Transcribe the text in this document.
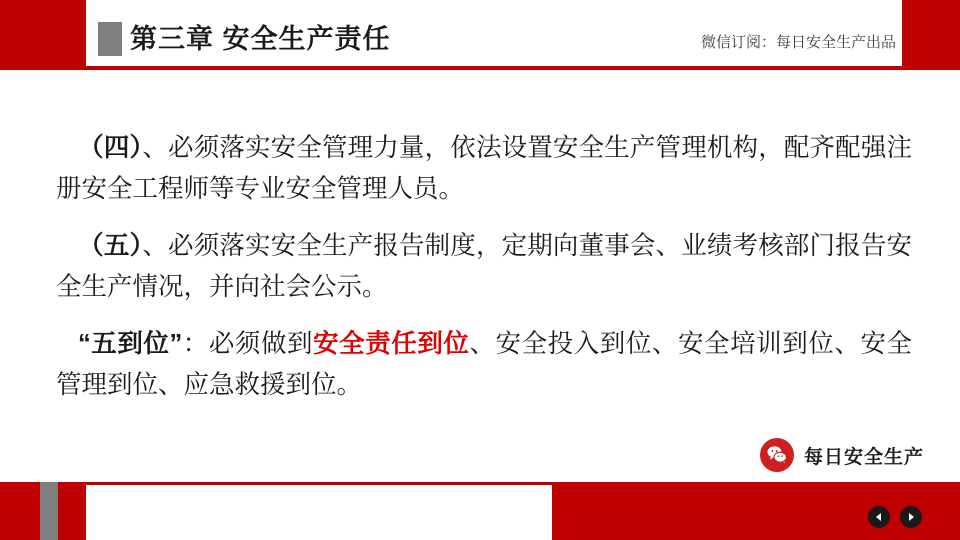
第三章 安全生产责任	微信订阅：每日安全生产出品

（四）、必须落实安全管理力量，依法设置安全生产管理机构，配齐配强注册安全工程师等专业安全管理人员。

（五）、必须落实安全生产报告制度，定期向董事会、业绩考核部门报告安全生产情况，并向社会公示。

“五到位”：必须做到安全责任到位、安全投入到位、安全培训到位、安全管理到位、应急救援到位。

每日安全生产
